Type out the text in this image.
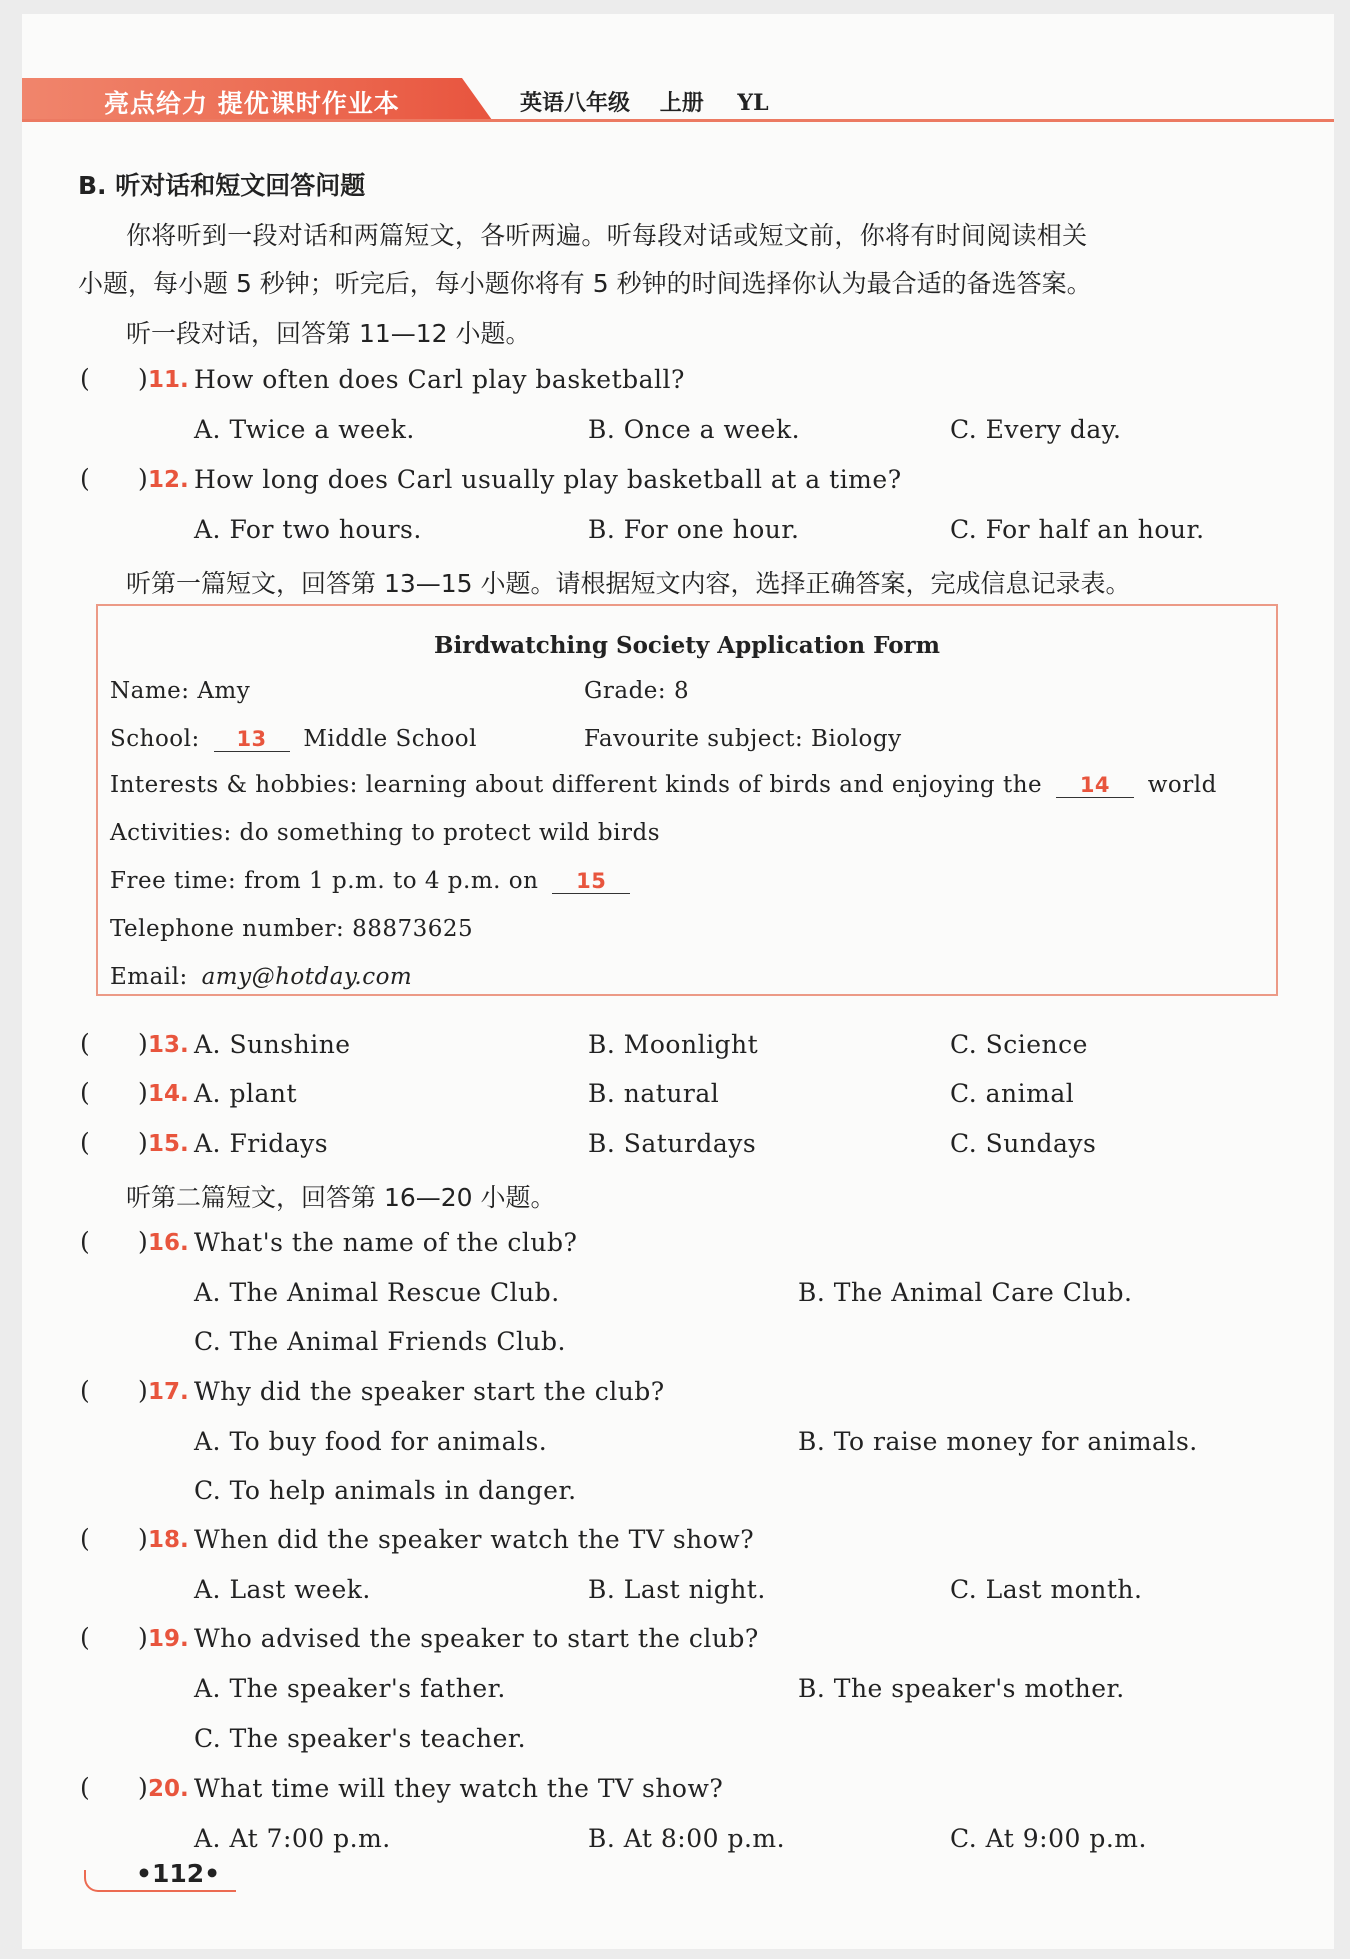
亮点给力 提优课时作业本	英语八年级 上册 YL
B. 听对话和短文回答问题
你将听到一段对话和两篇短文，各听两遍。听每段对话或短文前，你将有时间阅读相关
小题，每小题 5 秒钟；听完后，每小题你将有 5 秒钟的时间选择你认为最合适的备选答案。
听一段对话，回答第 11—12 小题。
( ) 11. How often does Carl play basketball?
A. Twice a week.	B. Once a week.	C. Every day.
( ) 12. How long does Carl usually play basketball at a time?
A. For two hours.	B. For one hour.	C. For half an hour.
听第一篇短文，回答第 13—15 小题。请根据短文内容，选择正确答案，完成信息记录表。
Birdwatching Society Application Form
Name: Amy	Grade: 8
School: 13 Middle School	Favourite subject: Biology
Interests & hobbies: learning about different kinds of birds and enjoying the 14 world
Activities: do something to protect wild birds
Free time: from 1 p.m. to 4 p.m. on 15
Telephone number: 88873625
Email: amy@hotday.com
( ) 13. A. Sunshine	B. Moonlight	C. Science
( ) 14. A. plant	B. natural	C. animal
( ) 15. A. Fridays	B. Saturdays	C. Sundays
听第二篇短文，回答第 16—20 小题。
( ) 16. What's the name of the club?
A. The Animal Rescue Club.	B. The Animal Care Club.
C. The Animal Friends Club.
( ) 17. Why did the speaker start the club?
A. To buy food for animals.	B. To raise money for animals.
C. To help animals in danger.
( ) 18. When did the speaker watch the TV show?
A. Last week.	B. Last night.	C. Last month.
( ) 19. Who advised the speaker to start the club?
A. The speaker's father.	B. The speaker's mother.
C. The speaker's teacher.
( ) 20. What time will they watch the TV show?
A. At 7:00 p.m.	B. At 8:00 p.m.	C. At 9:00 p.m.
•112•
